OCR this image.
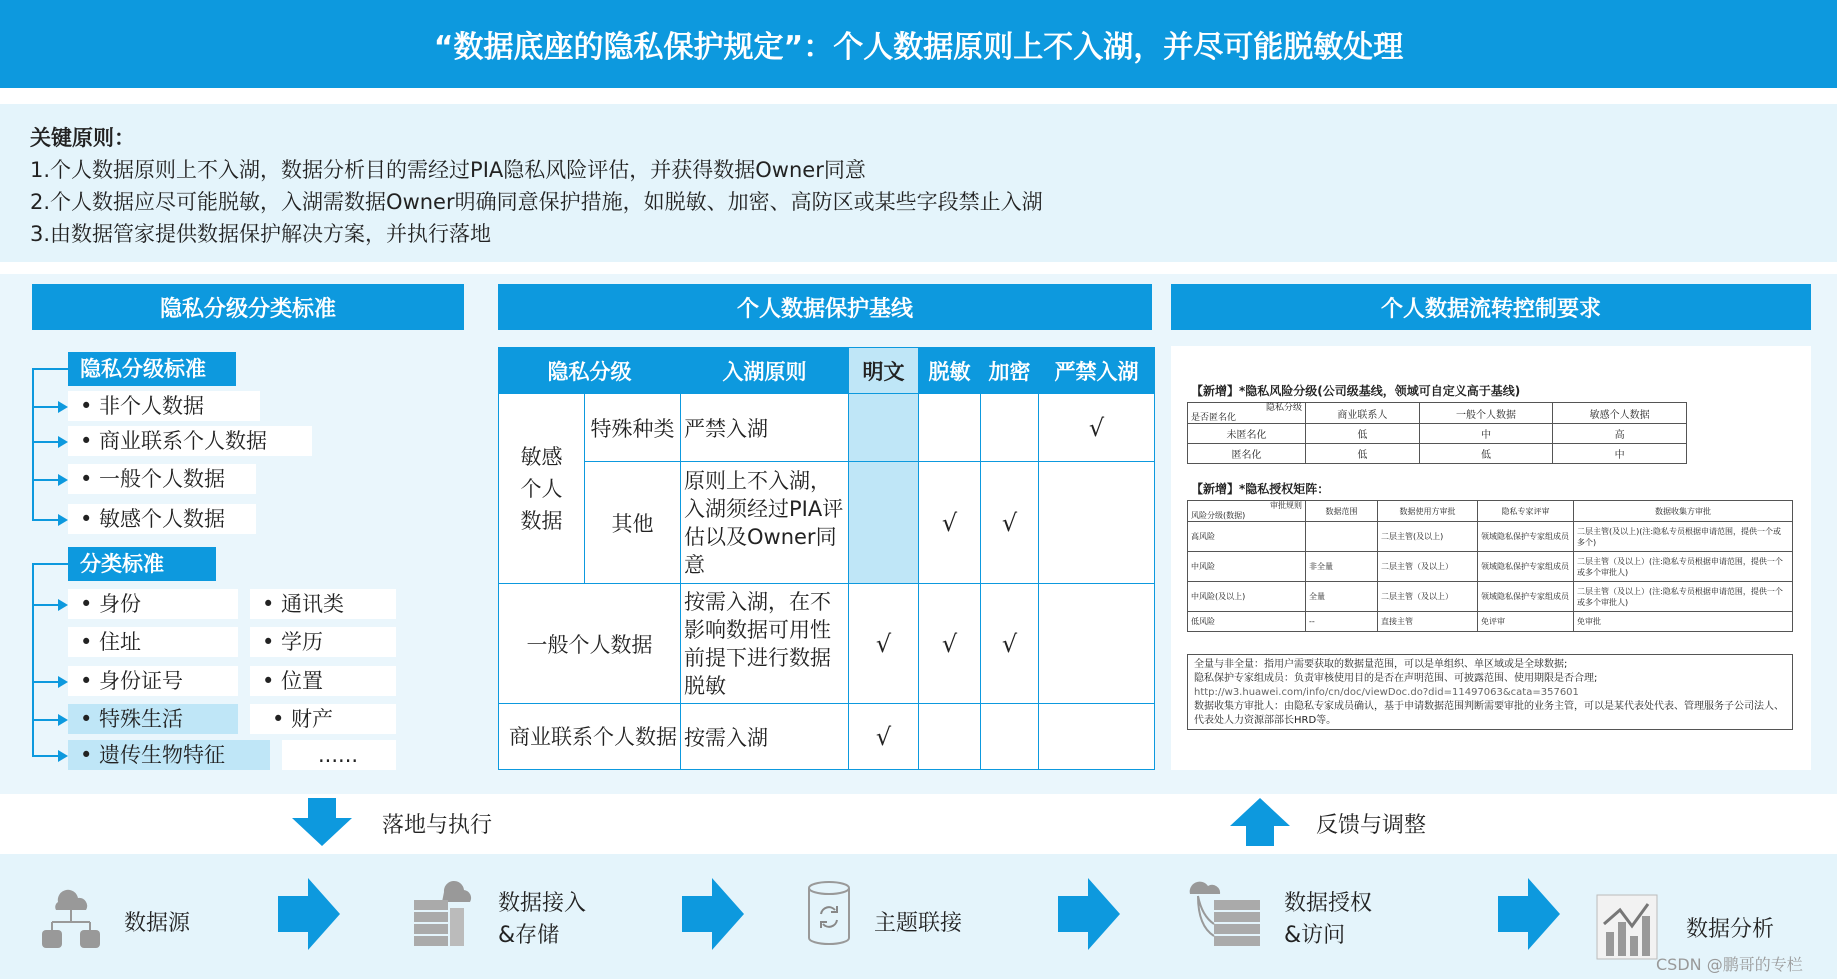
“数据底座的隐私保护规定”：个人数据原则上不入湖，并尽可能脱敏处理
关键原则：
1.个人数据原则上不入湖，数据分析目的需经过PIA隐私风险评估，并获得数据Owner同意
2.个人数据应尽可能脱敏，入湖需数据Owner明确同意保护措施，如脱敏、加密、高防区或某些字段禁止入湖
3.由数据管家提供数据保护解决方案，并执行落地
隐私分级分类标准
隐私分级标准
• 非个人数据
• 商业联系个人数据
• 一般个人数据
• 敏感个人数据
分类标准
• 身份	• 通讯类
• 住址	• 学历
• 身份证号	• 位置
• 特殊生活	• 财产
• 遗传生物特征	......
个人数据保护基线
隐私分级		入湖原则	明文	脱敏	加密	严禁入湖
敏感个人数据	特殊种类	严禁入湖				√
	其他	原则上不入湖，入湖须经过PIA评估以及Owner同意		√	√	
一般个人数据		按需入湖，在不影响数据可用性前提下进行数据脱敏	√	√	√	
商业联系个人数据		按需入湖	√			
个人数据流转控制要求
【新增】*隐私风险分级(公司级基线，领域可自定义高于基线)
隐私分级
是否匿名化	商业联系人	一般个人数据	敏感个人数据
未匿名化	低	中	高
匿名化	低	低	中
【新增】*隐私授权矩阵：
审批规则
风险分级(数据)	数据范围	数据使用方审批	隐私专家评审	数据收集方审批
高风险		二层主管(及以上)	领域隐私保护专家组成员	二层主管(及以上)(注:隐私专员根据申请范围，提供一个或多个)
中风险	非全量	二层主管（及以上）	领域隐私保护专家组成员	二层主管（及以上）(注:隐私专员根据申请范围，提供一个或多个审批人)
中风险(及以上)	全量	二层主管（及以上）	领域隐私保护专家组成员	二层主管（及以上）(注:隐私专员根据申请范围，提供一个或多个审批人)
低风险	--	直接主管	免评审	免审批
全量与非全量：指用户需要获取的数据量范围，可以是单组织、单区域或是全球数据;
隐私保护专家组成员：负责审核使用目的是否在声明范围、可披露范围、使用期限是否合理;
http://w3.huawei.com/info/cn/doc/viewDoc.do?did=11497063&cata=357601
数据收集方审批人：由隐私专家成员确认，基于申请数据范围判断需要审批的业务主管，可以是某代表处代表、管理服务子公司法人、代表处人力资源部部长HRD等。
落地与执行	反馈与调整
数据源
数据接入
&存储	主题联接
数据授权
&访问	数据分析
CSDN @鹏哥的专栏
